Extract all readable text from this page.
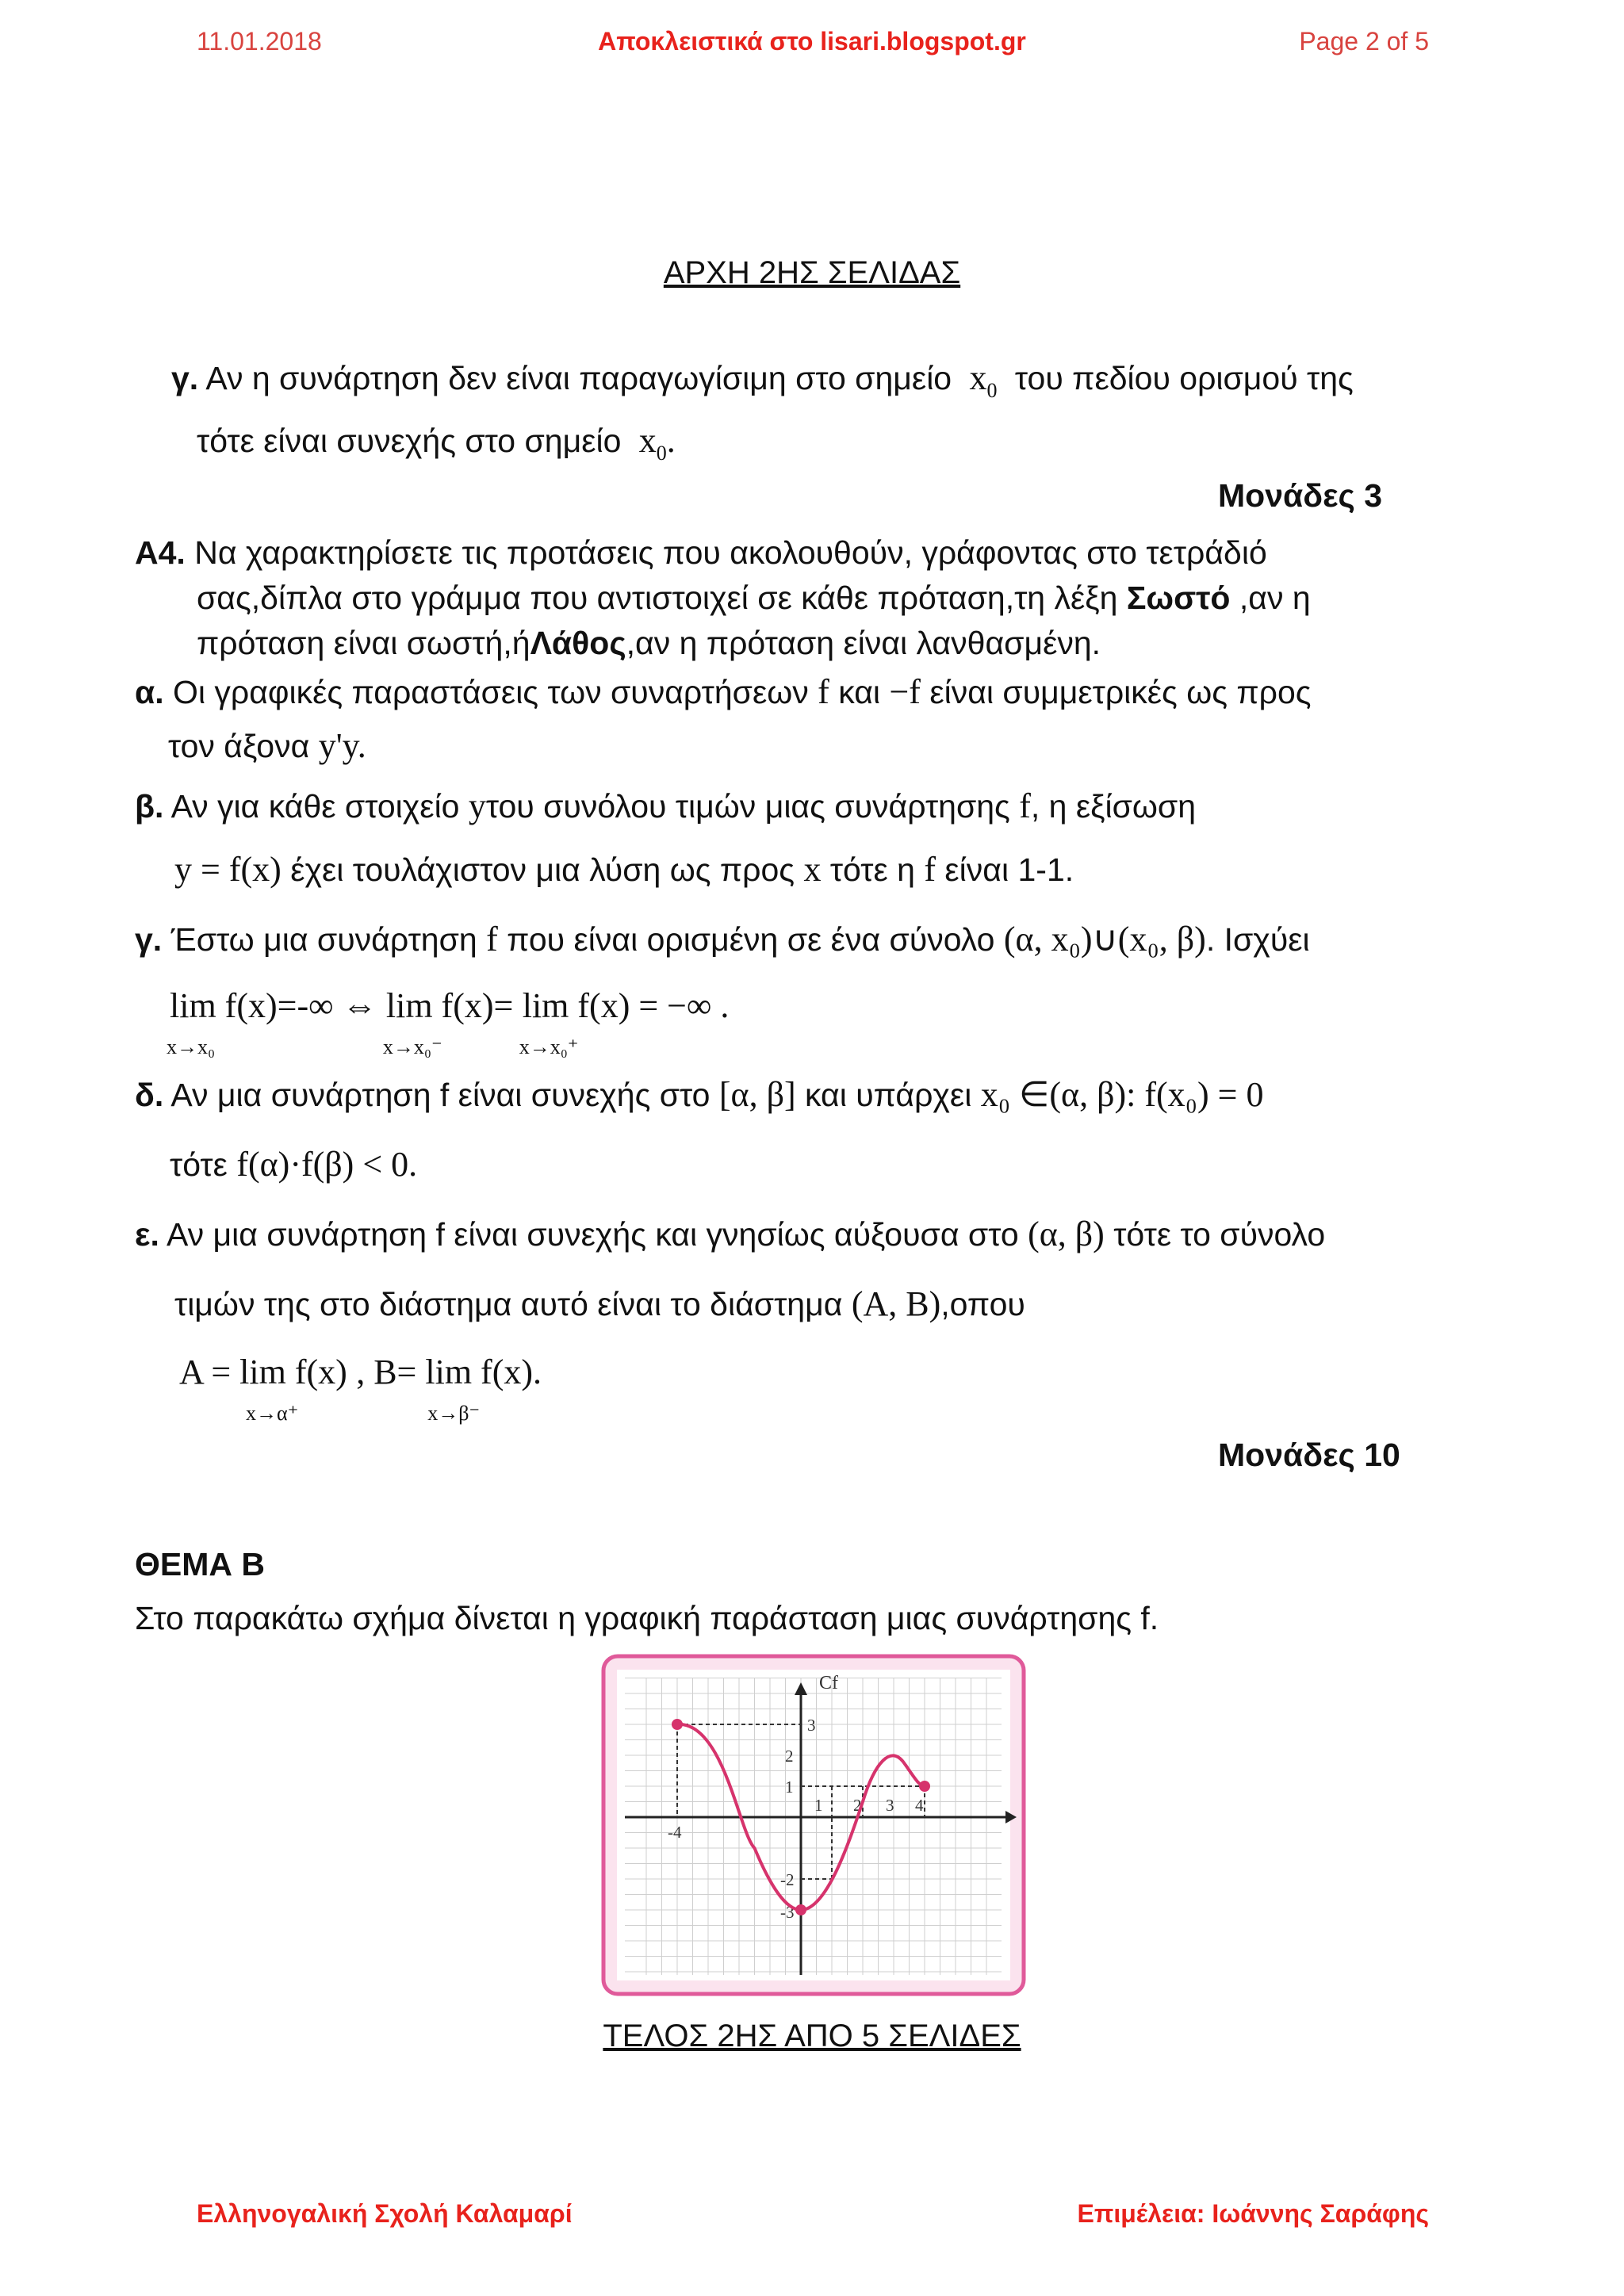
11.01.2018	Αποκλειστικά στο lisari.blogspot.gr	Page 2 of 5
ΑΡΧΗ 2ΗΣ ΣΕΛΙΔΑΣ
γ. Αν η συνάρτηση δεν είναι παραγωγίσιμη στο σημείο $x_0$ του πεδίου ορισμού της
τότε είναι συνεχής στο σημείο $x_0$.
Μονάδες 3
Α4. Να χαρακτηρίσετε τις προτάσεις που ακολουθούν, γράφοντας στο τετράδιό
σας,δίπλα στο γράμμα που αντιστοιχεί σε κάθε πρόταση,τη λέξη Σωστό ,αν η
πρόταση είναι σωστή,ήΛάθος,αν η πρόταση είναι λανθασμένη.
α. Οι γραφικές παραστάσεις των συναρτήσεων f και −f είναι συμμετρικές ως προς
τον άξονα y'y.
β. Αν για κάθε στοιχείο yτου συνόλου τιμών μιας συνάρτησης f, η εξίσωση
y = f(x) έχει τουλάχιστον μια λύση ως προς x τότε η f είναι 1-1.
γ. Έστω μια συνάρτηση f που είναι ορισμένη σε ένα σύνολο (α, x₀)∪(x₀, β). Ισχύει
lim f(x)=-∞ ⇔
x→x₀
lim f(x)=
x→x₀⁻
lim f(x) = −∞ .
x→x₀⁺
δ. Αν μια συνάρτηση f είναι συνεχής στο [α, β] και υπάρχει x₀ ∈(α, β): f(x₀) = 0
τότε f(α)·f(β) < 0.
ε. Αν μια συνάρτηση f είναι συνεχής και γνησίως αύξουσα στο (α, β) τότε το σύνολο
τιμών της στο διάστημα αυτό είναι το διάστημα (Α, Β),οπου
Α = lim f(x)
x→α⁺
, Β= lim f(x).
x→β⁻
Μονάδες 10
ΘΕΜΑ Β
Στο παρακάτω σχήμα δίνεται η γραφική παράσταση μιας συνάρτησης f.
Cf
-4
1 2 3 4
3
2
1
-2
-3
ΤΕΛΟΣ 2ΗΣ ΑΠΟ 5 ΣΕΛΙΔΕΣ
Ελληνογαλική Σχολή Καλαμαρί	Επιμέλεια: Ιωάννης Σαράφης
